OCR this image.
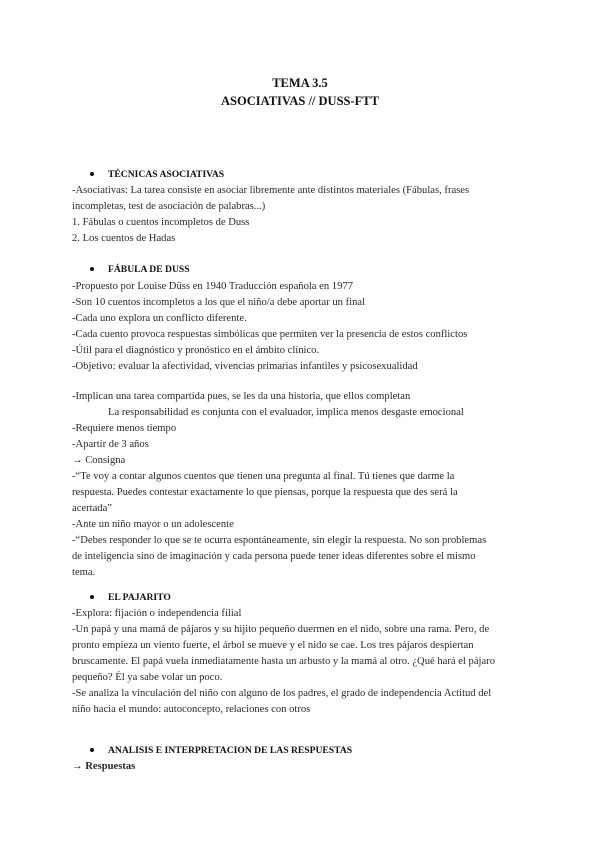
TEMA 3.5
ASOCIATIVAS // DUSS-FTT
TÉCNICAS ASOCIATIVAS
-Asociativas: La tarea consiste en asociar libremente ante distintos materiales (Fábulas, frases
incompletas, test de asociación de palabras...)
1. Fábulas o cuentos incompletos de Duss
2. Los cuentos de Hadas
FÁBULA DE DUSS
-Propuesto por Louise Düss en 1940 Traducción española en 1977
-Son 10 cuentos incompletos a los que el niño/a debe aportar un final
-Cada uno explora un conflicto diferente.
-Cada cuento provoca respuestas simbólicas que permiten ver la presencia de estos conflictos
-Útil para el diagnóstico y pronóstico en el ámbito clínico.
-Objetivo: evaluar la afectividad, vivencias primarias infantiles y psicosexualidad
-Implican una tarea compartida pues, se les da una historia, que ellos completan
La responsabilidad es conjunta con el evaluador, implica menos desgaste emocional
-Requiere menos tiempo
-Apartir de 3 años
→ Consigna
-“Te voy a contar algunos cuentos que tienen una pregunta al final. Tú tienes que darme la
respuesta. Puedes contestar exactamente lo que piensas, porque la respuesta que des será la
acertada”
-Ante un niño mayor o un adolescente
-“Debes responder lo que se te ocurra espontáneamente, sin elegir la respuesta. No son problemas
de inteligencia sino de imaginación y cada persona puede tener ideas diferentes sobre el mismo
tema.
EL PAJARITO
-Explora: fijación o independencia filial
-Un papá y una mamá de pájaros y su hijito pequeño duermen en el nido, sobre una rama. Pero, de
pronto empieza un viento fuerte, el árbol se mueve y el nido se cae. Los tres pájaros despiertan
bruscamente. El papá vuela inmediatamente hasta un arbusto y la mamá al otro. ¿Qué hará el pájaro
pequeño? Él ya sabe volar un poco.
-Se analiza la vinculación del niño con alguno de los padres, el grado de independencia Actitud del
niño hacia el mundo: autoconcepto, relaciones con otros
ANALISIS E INTERPRETACION DE LAS RESPUESTAS
→ Respuestas
